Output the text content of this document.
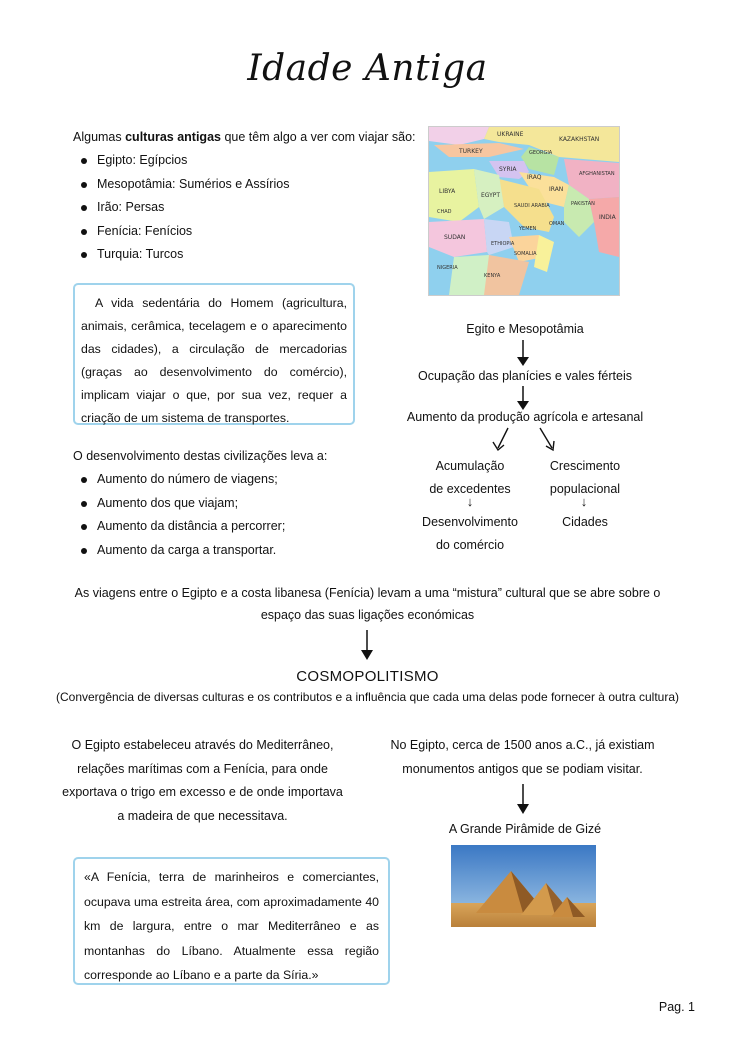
Idade Antiga
Algumas culturas antigas que têm algo a ver com viajar são:
Egipto: Egípcios
Mesopotâmia: Sumérios e Assírios
Irão: Persas
Fenícia: Fenícios
Turquia: Turcos
UKRAINE
KAZAKHSTAN
GEORGIA
TURKEY
SYRIA
IRAQ
IRAN
AFGHANISTAN
PAKISTAN
INDIA
LIBYA
EGYPT
SAUDI ARABIA
SUDAN
ETHIOPIA
SOMALIA
YEMEN
OMAN
CHAD
NIGERIA
KENYA
A vida sedentária do Homem (agricultura, animais, cerâmica, tecelagem e o aparecimento das cidades), a circulação de mercadorias (graças ao desenvolvimento do comércio), implicam viajar o que, por sua vez, requer a criação de um sistema de transportes.
O desenvolvimento destas civilizações leva a:
Aumento do número de viagens;
Aumento dos que viajam;
Aumento da distância a percorrer;
Aumento da carga a transportar.
Egito e Mesopotâmia
Ocupação das planícies e vales férteis
Aumento da produção agrícola e artesanal
Acumulação
de excedentes
Crescimento
populacional
↓	↓
Desenvolvimento
do comércio
Cidades
As viagens entre o Egipto e a costa libanesa (Fenícia) levam a uma “mistura” cultural que se abre sobre o espaço das suas ligações económicas
COSMOPOLITISMO
(Convergência de diversas culturas e os contributos e a influência que cada uma delas pode fornecer à outra cultura)
O Egipto estabeleceu através do Mediterrâneo, relações marítimas com a Fenícia, para onde exportava o trigo em excesso e de onde importava a madeira de que necessitava.
No Egipto, cerca de 1500 anos a.C., já existiam monumentos antigos que se podiam visitar.
A Grande Pirâmide de Gizé
«A Fenícia, terra de marinheiros e comerciantes, ocupava uma estreita área, com aproximadamente 40 km de largura, entre o mar Mediterrâneo e as montanhas do Líbano. Atualmente essa região corresponde ao Líbano e a parte da Síria.»
Pag. 1
